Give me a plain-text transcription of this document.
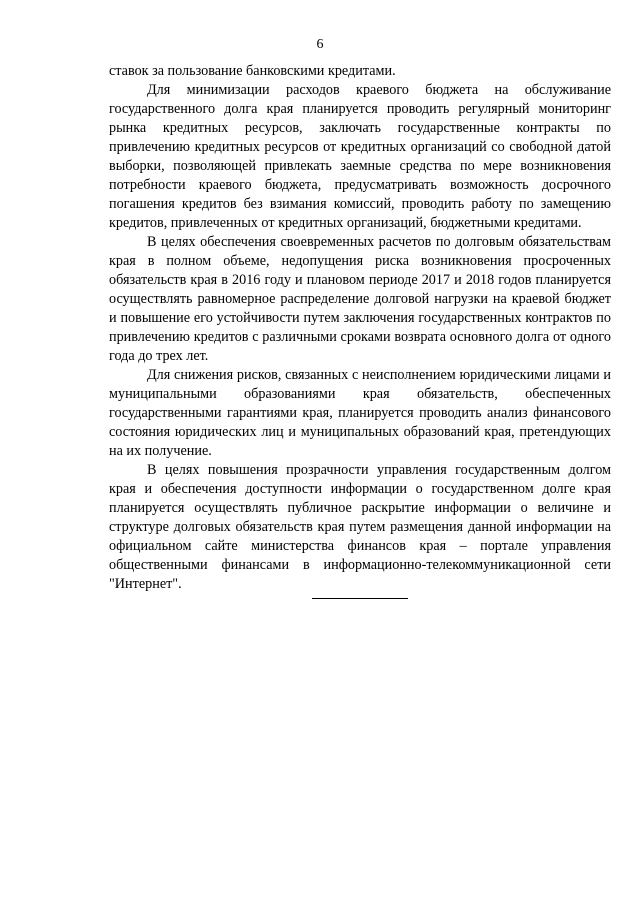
6

ставок за пользование банковскими кредитами.

Для минимизации расходов краевого бюджета на обслуживание государственного долга края планируется проводить регулярный мониторинг рынка кредитных ресурсов, заключать государственные контракты по привлечению кредитных ресурсов от кредитных организаций со свободной датой выборки, позволяющей привлекать заемные средства по мере возникновения потребности краевого бюджета, предусматривать возможность досрочного погашения кредитов без взимания комиссий, проводить работу по замещению кредитов, привлеченных от кредитных организаций, бюджетными кредитами.

В целях обеспечения своевременных расчетов по долговым обязательствам края в полном объеме, недопущения риска возникновения просроченных обязательств края в 2016 году и плановом периоде 2017 и 2018 годов планируется осуществлять равномерное распределение долговой нагрузки на краевой бюджет и повышение его устойчивости путем заключения государственных контрактов по привлечению кредитов с различными сроками возврата основного долга от одного года до трех лет.

Для снижения рисков, связанных с неисполнением юридическими лицами и муниципальными образованиями края обязательств, обеспеченных государственными гарантиями края, планируется проводить анализ финансового состояния юридических лиц и муниципальных образований края, претендующих на их получение.

В целях повышения прозрачности управления государственным долгом края и обеспечения доступности информации о государственном долге края планируется осуществлять публичное раскрытие информации о величине и структуре долговых обязательств края путем размещения данной информации на официальном сайте министерства финансов края – портале управления общественными финансами в информационно-телекоммуникационной сети "Интернет".
